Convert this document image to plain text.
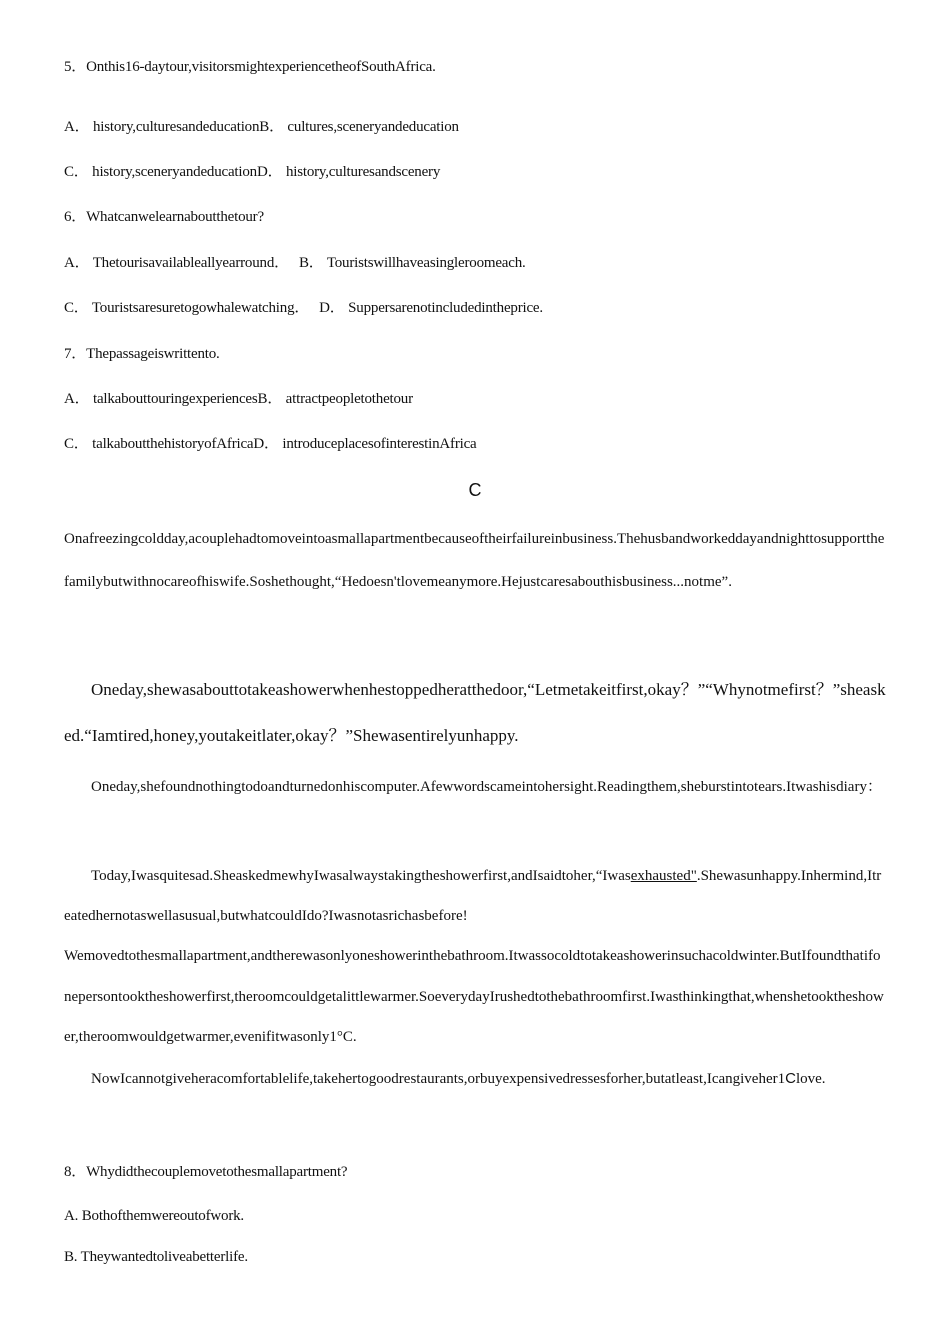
5．Onthis16-daytour,visitorsmightexperiencetheofSouthAfrica.
A． history,culturesandeducationB． cultures,sceneryandeducation
C． history,sceneryandeducationD． history,culturesandscenery
6．Whatcanwelearnaboutthetour?
A． Thetourisavailableallyearround． B． Touristswillhaveasingleroomeach.
C． Touristsaresuretogowhalewatching． D． Suppersarenotincludedintheprice.
7．Thepassageiswrittento.
A． talkabouttouringexperiencesB． attractpeopletothetour
C． talkaboutthehistoryofAfricaD． introduceplacesofinterestinAfrica
C
Onafreezingcoldday,acouplehadtomoveintoasmallapartmentbecauseoftheirfailureinbusiness.Thehusbandworkeddayandnighttosupportthefamilybutwithnocareofhiswife.Soshethought,“Hedoesn'tlovemeanymore.Hejustcaresabouthisbusiness...notme”.
Oneday,shewasabouttotakeashowerwhenhestoppedheratthedoor,“Letmetakeitfirst,okay？”“Whynotmefirst？”sheasked.“Iamtired,honey,youtakeitlater,okay？”Shewasentirelyunhappy.
Oneday,shefoundnothingtodoandturnedonhiscomputer.Afewwordscameintohersight.Readingthem,sheburstintotears.Itwashisdiary：
Today,Iwasquitesad.SheaskedmewhyIwasalwaystakingtheshowerfirst,andIsaidtoher,“Iwasexhausted".Shewasunhappy.Inhermind,Itreatedhernotaswellasusual,butwhatcouldIdo?Iwasnotasrichasbefore!
Wemovedtothesmallapartment,andtherewasonlyoneshowerinthebathroom.Itwassocoldtotakeashowerinsuchacoldwinter.ButIfoundthatifonepersontooktheshowerfirst,theroomcouldgetalittlewarmer.SoeverydayIrushedtothebathroomfirst.Iwasthinkingthat,whenshetooktheshower,theroomwouldgetwarmer,evenifitwasonly1°C.
NowIcannotgiveheracomfortablelife,takehertogoodrestaurants,orbuyexpensivedressesforher,butatleast,Icangiveher1Clove.
8．Whydidthecouplemovetothesmallapartment?
A. Bothofthemwereoutofwork.
B. Theywantedtoliveabetterlife.
